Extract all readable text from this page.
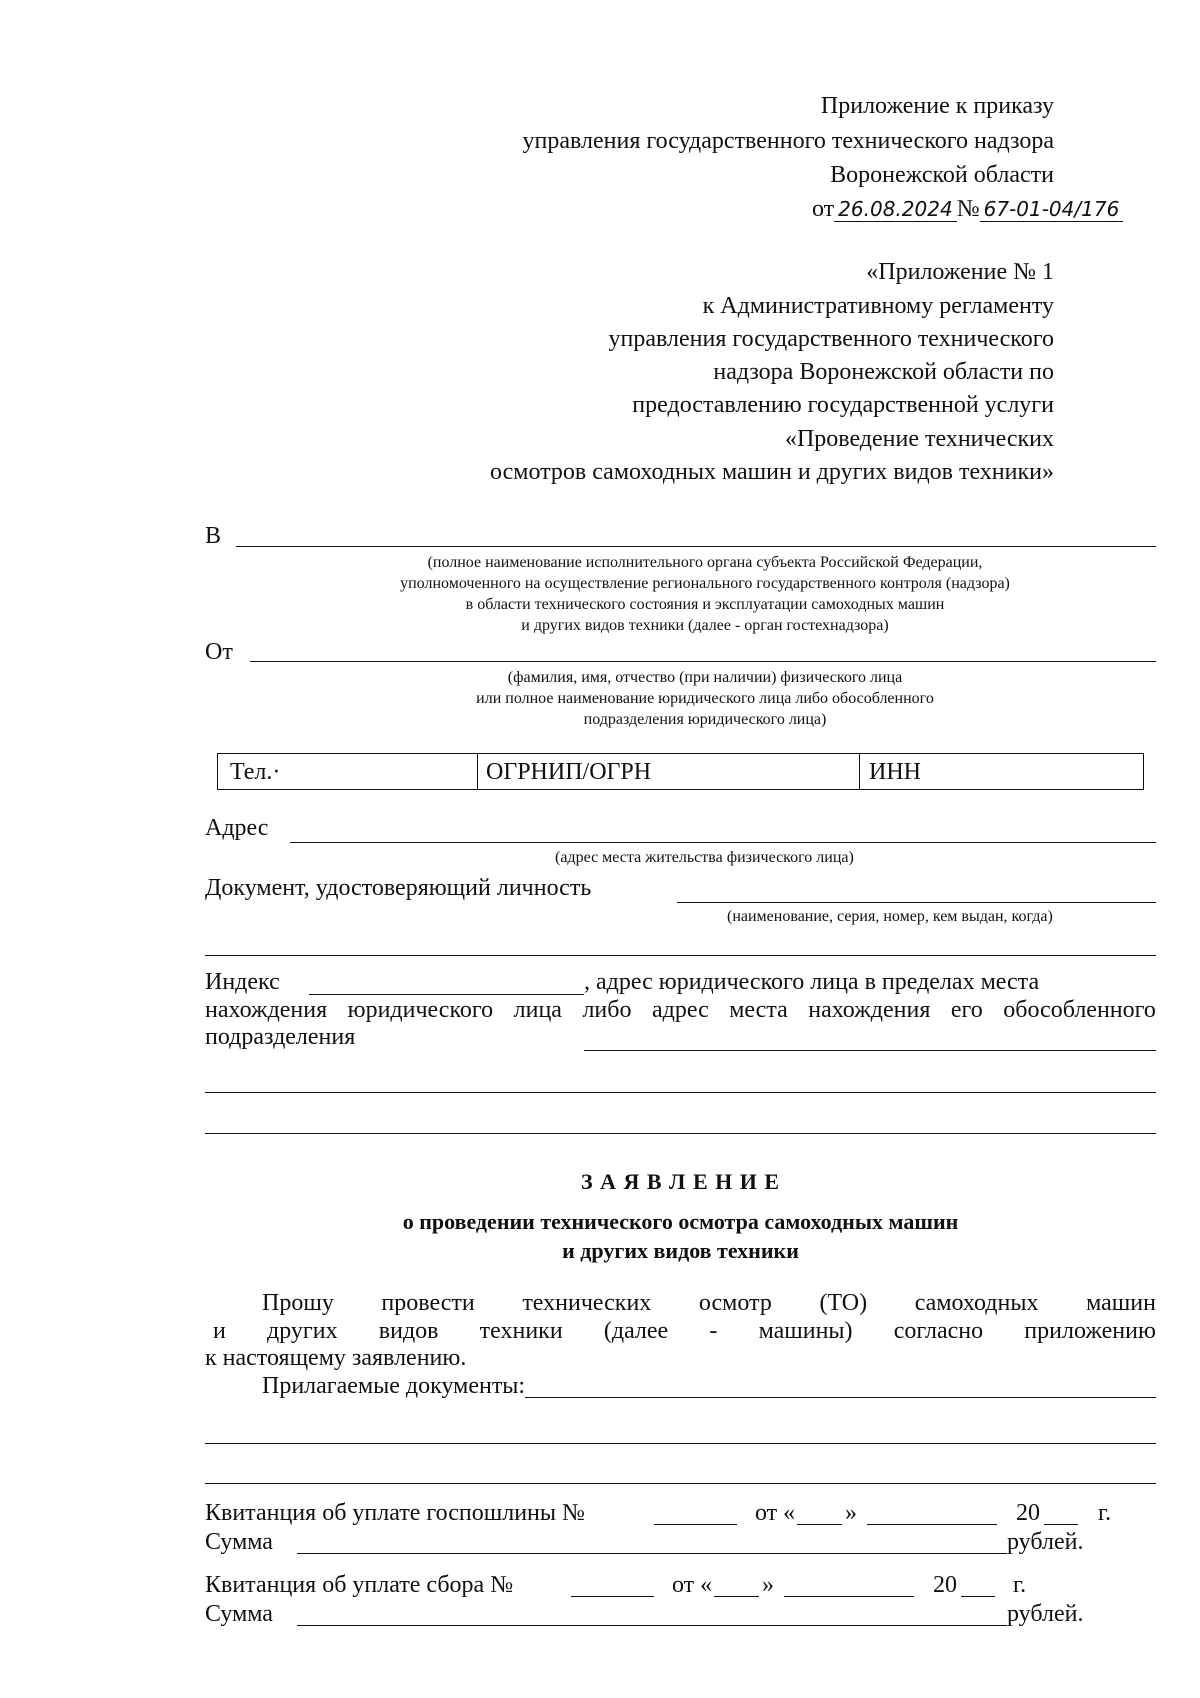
Приложение к приказу
управления государственного технического надзора
Воронежской области
от 26.08.2024 № 67-01-04/176
«Приложение № 1
к Административному регламенту
управления государственного технического
надзора Воронежской области по
предоставлению государственной услуги
«Проведение технических
осмотров самоходных машин и других видов техники»
В
(полное наименование исполнительного органа субъекта Российской Федерации,
уполномоченного на осуществление регионального государственного контроля (надзора)
в области технического состояния и эксплуатации самоходных машин
и других видов техники (далее - орган гостехнадзора)
От
(фамилия, имя, отчество (при наличии) физического лица
или полное наименование юридического лица либо обособленного
подразделения юридического лица)
Тел.·	ОГРНИП/ОГРН	ИНН
Адрес
(адрес места жительства физического лица)
Документ, удостоверяющий личность
(наименование, серия, номер, кем выдан, когда)
Индекс	, адрес юридического лица в пределах места
нахождения юридического лица либо адрес места нахождения его обособленного
подразделения
З А Я В Л Е Н И Е
о проведении технического осмотра самоходных машин
и других видов техники
Прошу провести технических осмотр (ТО) самоходных машин
и других видов техники (далее - машины) согласно приложению
к настоящему заявлению.
Прилагаемые документы:
Квитанция об уплате госпошлины №	от « »	20 г.
Сумма	рублей.
Квитанция об уплате сбора №	от « »	20 г.
Сумма	рублей.
